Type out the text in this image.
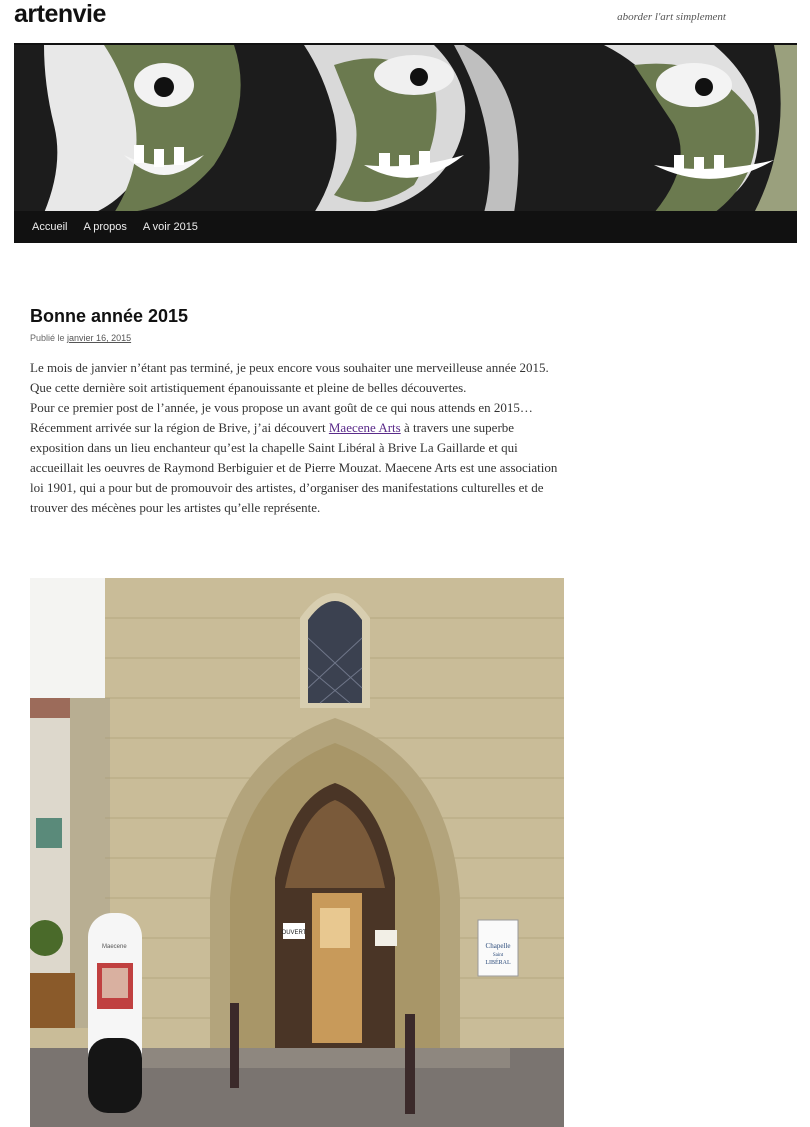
artenvie	aborder l'art simplement
Accueil	A propos	A voir 2015
Bonne année 2015
Publié le janvier 16, 2015

Le mois de janvier n’étant pas terminé, je peux encore vous souhaiter une merveilleuse année 2015. Que cette dernière soit artistiquement épanouissante et pleine de belles découvertes.

Pour ce premier post de l’année, je vous propose un avant goût de ce qui nous attends en 2015…

Récemment arrivée sur la région de Brive, j’ai découvert Maecene Arts à travers une superbe exposition dans un lieu enchanteur qu’est la chapelle Saint Libéral à Brive La Gaillarde et qui accueillait les oeuvres de Raymond Berbiguier et de Pierre Mouzat. Maecene Arts est une association loi 1901, qui a pour but de promouvoir des artistes, d’organiser des manifestations culturelles et de trouver des mécènes pour les artistes qu’elle représente.

OUVERT
Chapelle
Saint
LIBÉRAL
Maecene
